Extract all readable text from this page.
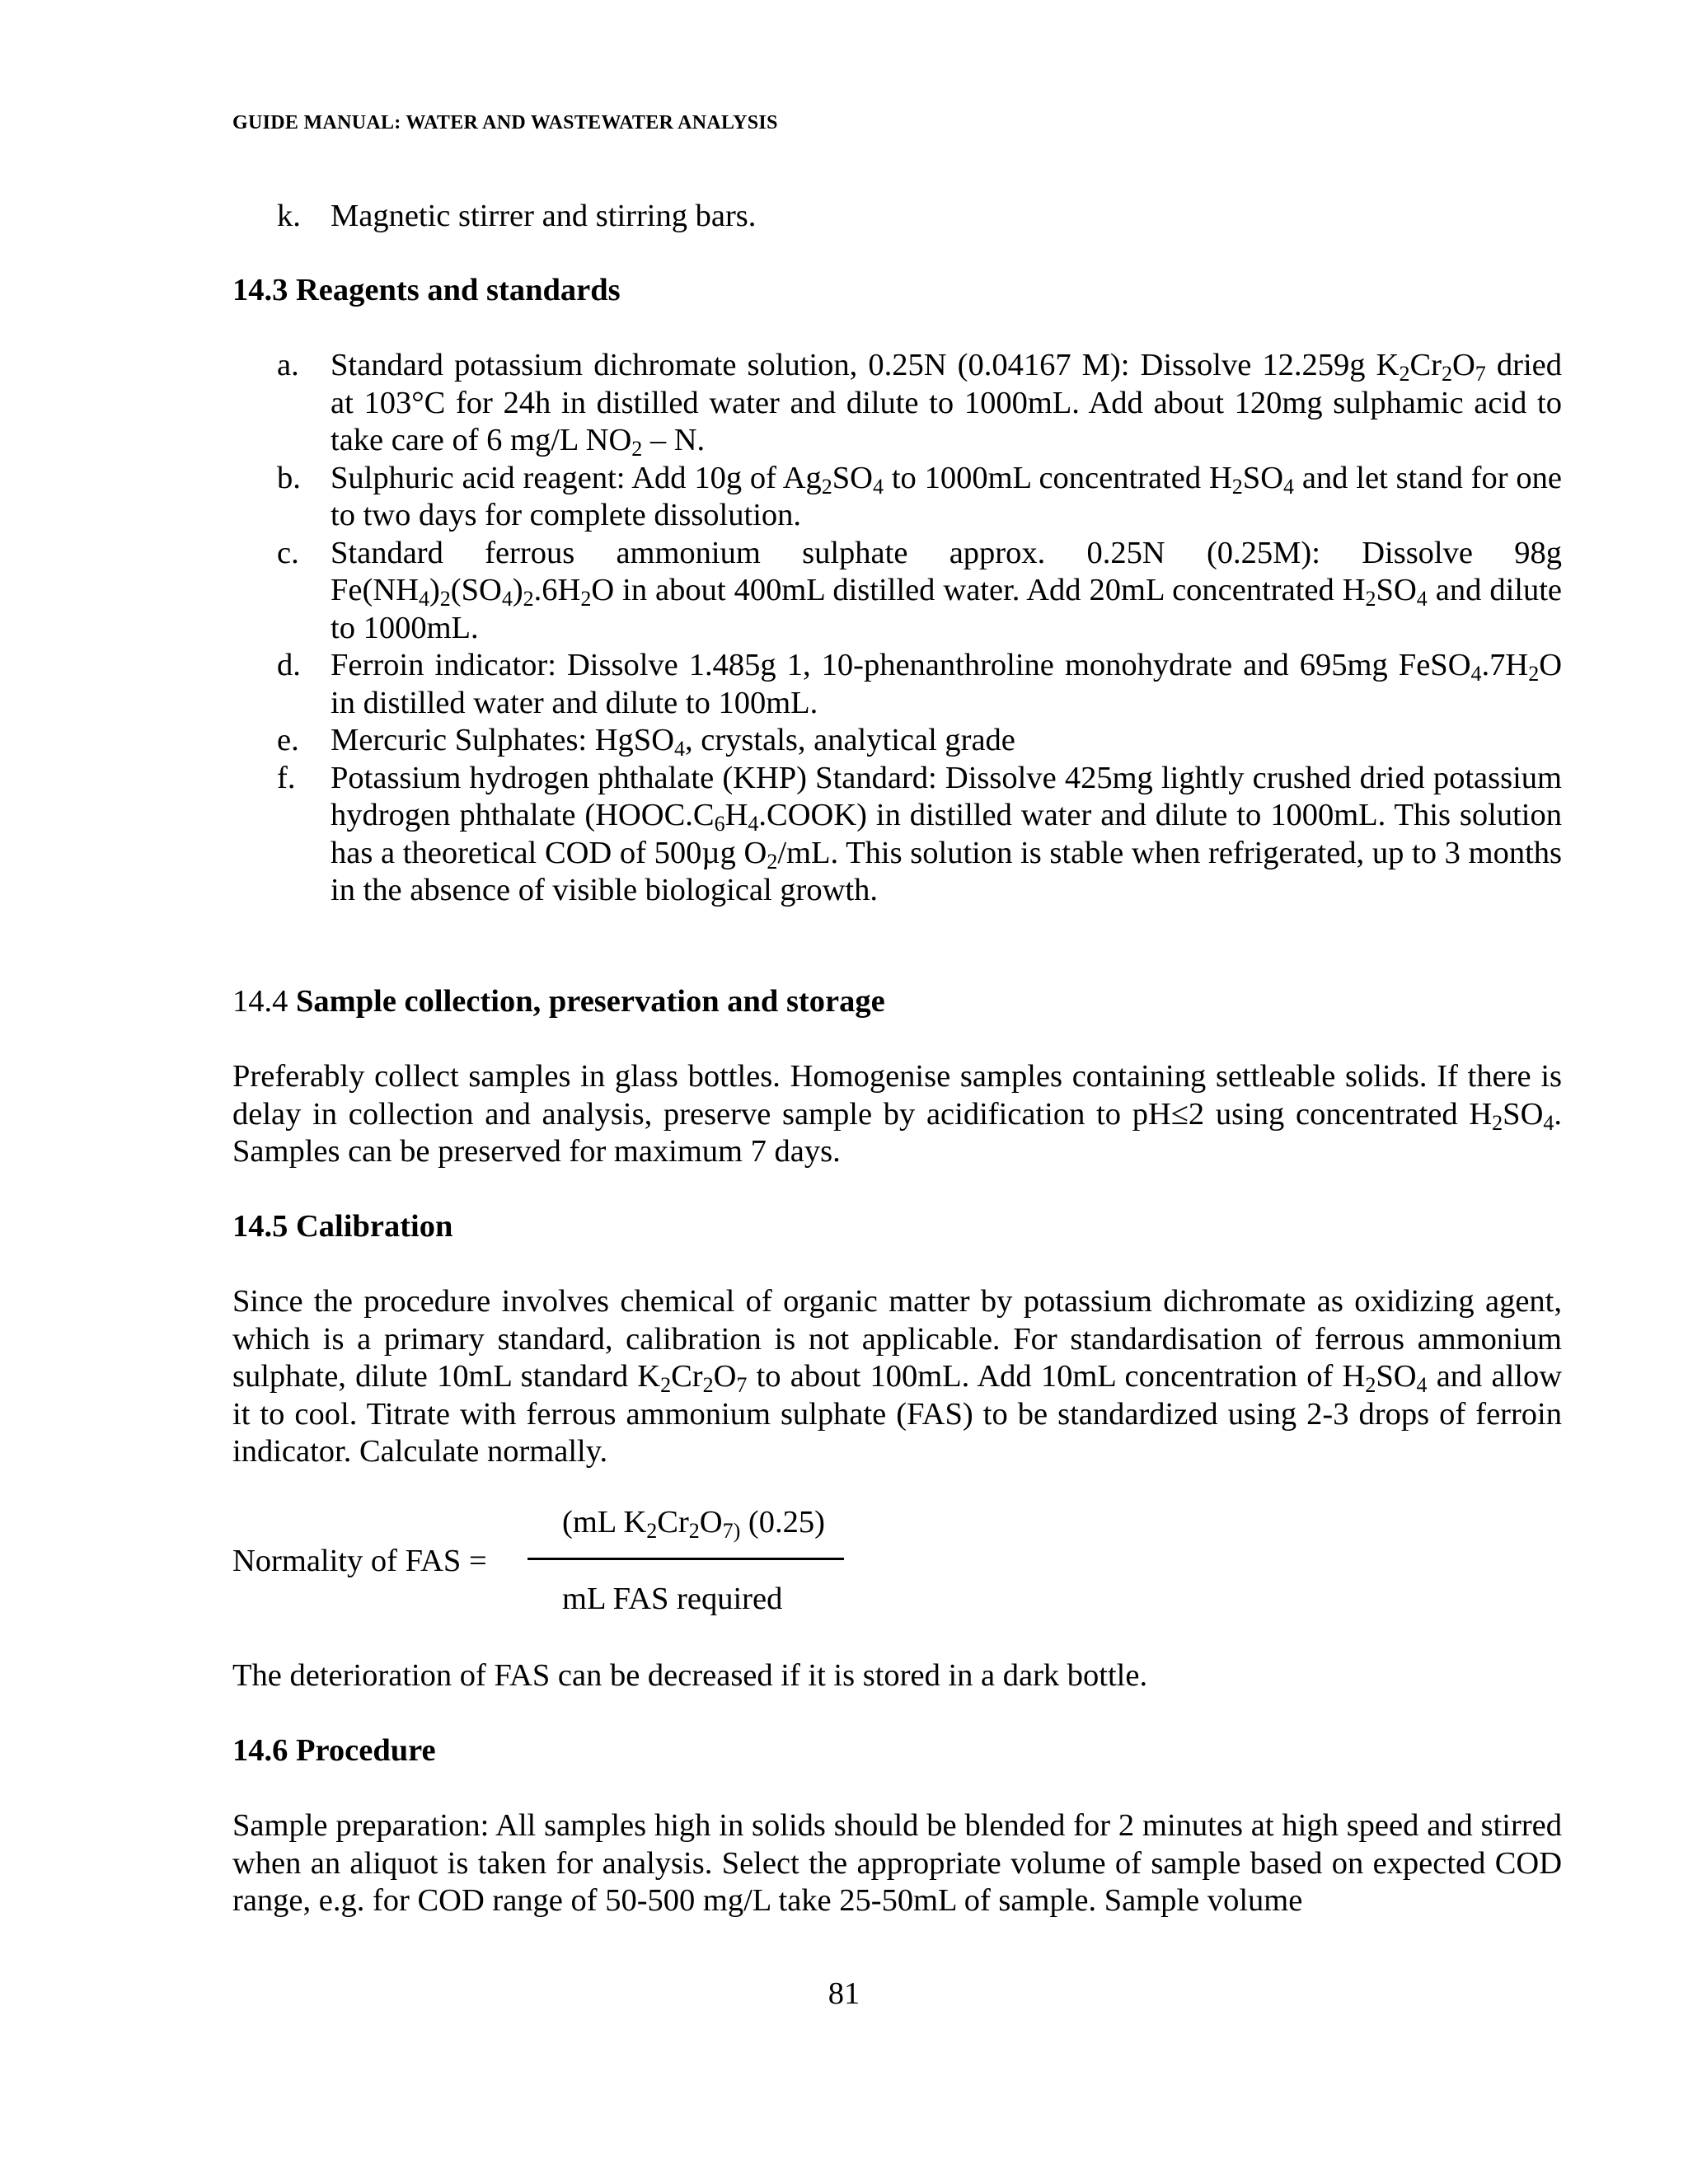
GUIDE MANUAL: WATER AND WASTEWATER ANALYSIS
k. Magnetic stirrer and stirring bars.
14.3 Reagents and standards
a. Standard potassium dichromate solution, 0.25N (0.04167 M): Dissolve 12.259g $K_2Cr_2O_7$ dried at 103°C for 24h in distilled water and dilute to 1000mL. Add about 120mg sulphamic acid to take care of 6 mg/L $NO_2$ – N.
b. Sulphuric acid reagent: Add 10g of $Ag_2SO_4$ to 1000mL concentrated $H_2SO_4$ and let stand for one to two days for complete dissolution.
c. Standard ferrous ammonium sulphate approx. 0.25N (0.25M): Dissolve 98g $Fe(NH_4)_2(SO_4)_2.6H_2O$ in about 400mL distilled water. Add 20mL concentrated $H_2SO_4$ and dilute to 1000mL.
d. Ferroin indicator: Dissolve 1.485g 1, 10-phenanthroline monohydrate and 695mg $FeSO_4.7H_2O$ in distilled water and dilute to 100mL.
e. Mercuric Sulphates: HgSO$_4$, crystals, analytical grade
f. Potassium hydrogen phthalate (KHP) Standard: Dissolve 425mg lightly crushed dried potassium hydrogen phthalate $(HOOC.C_6H_4.COOK)$ in distilled water and dilute to 1000mL. This solution has a theoretical COD of 500µg $O_2/mL$. This solution is stable when refrigerated, up to 3 months in the absence of visible biological growth.
14.4 Sample collection, preservation and storage
Preferably collect samples in glass bottles. Homogenise samples containing settleable solids. If there is delay in collection and analysis, preserve sample by acidification to pH≤2 using concentrated $H_2SO_4$. Samples can be preserved for maximum 7 days.
14.5 Calibration
Since the procedure involves chemical of organic matter by potassium dichromate as oxidizing agent, which is a primary standard, calibration is not applicable. For standardisation of ferrous ammonium sulphate, dilute 10mL standard $K_2Cr_2O_7$ to about 100mL. Add 10mL concentration of $H_2SO_4$ and allow it to cool. Titrate with ferrous ammonium sulphate (FAS) to be standardized using 2-3 drops of ferroin indicator. Calculate normally.
Normality of FAS =
(mL $K_2Cr_2O_{7)}$ (0.25)
mL FAS required
The deterioration of FAS can be decreased if it is stored in a dark bottle.
14.6 Procedure
Sample preparation: All samples high in solids should be blended for 2 minutes at high speed and stirred when an aliquot is taken for analysis. Select the appropriate volume of sample based on expected COD range, e.g. for COD range of 50-500 mg/L take 25-50mL of sample. Sample volume
81
